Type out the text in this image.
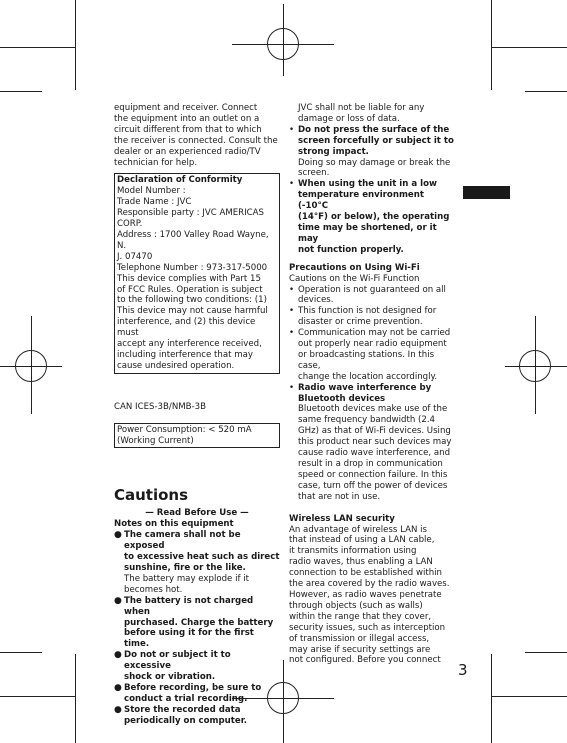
equipment and receiver. Connect
the equipment into an outlet on a
circuit different from that to which
the receiver is connected. Consult the
dealer or an experienced radio/TV
technician for help.

Declaration of Conformity

Model Number :
Trade Name : JVC
Responsible party : JVC AMERICAS
CORP.
Address : 1700 Valley Road Wayne, N.
J. 07470
Telephone Number : 973-317-5000
This device complies with Part 15
of FCC Rules. Operation is subject
to the following two conditions: (1)
This device may not cause harmful
interference, and (2) this device must
accept any interference received,
including interference that may
cause undesired operation.

CAN ICES-3B/NMB-3B

Power Consumption: < 520 mA
(Working Current)

Cautions

— Read Before Use —

Notes on this equipment

● The camera shall not be exposed
to excessive heat such as direct
sunshine, fire or the like.
The battery may explode if it
becomes hot.
● The battery is not charged when
purchased. Charge the battery
before using it for the first time.
● Do not or subject it to excessive
shock or vibration.
● Before recording, be sure to
conduct a trial recording.
● Store the recorded data
periodically on computer.

JVC shall not be liable for any
damage or loss of data.

• Do not press the surface of the
screen forcefully or subject it to
strong impact.
Doing so may damage or break the
screen.
• When using the unit in a low
temperature environment (-10°C
(14°F) or below), the operating
time may be shortened, or it may
not function properly.

Precautions on Using Wi-Fi

Cautions on the Wi-Fi Function

• Operation is not guaranteed on all
devices.
• This function is not designed for
disaster or crime prevention.
• Communication may not be carried
out properly near radio equipment
or broadcasting stations. In this case,
change the location accordingly.
• Radio wave interference by
Bluetooth devices
Bluetooth devices make use of the
same frequency bandwidth (2.4
GHz) as that of Wi-Fi devices. Using
this product near such devices may
cause radio wave interference, and
result in a drop in communication
speed or connection failure. In this
case, turn off the power of devices
that are not in use.

Wireless LAN security

An advantage of wireless LAN is
that instead of using a LAN cable,
it transmits information using
radio waves, thus enabling a LAN
connection to be established within
the area covered by the radio waves.
However, as radio waves penetrate
through objects (such as walls)
within the range that they cover,
security issues, such as interception
of transmission or illegal access,
may arise if security settings are
not configured. Before you connect

3
